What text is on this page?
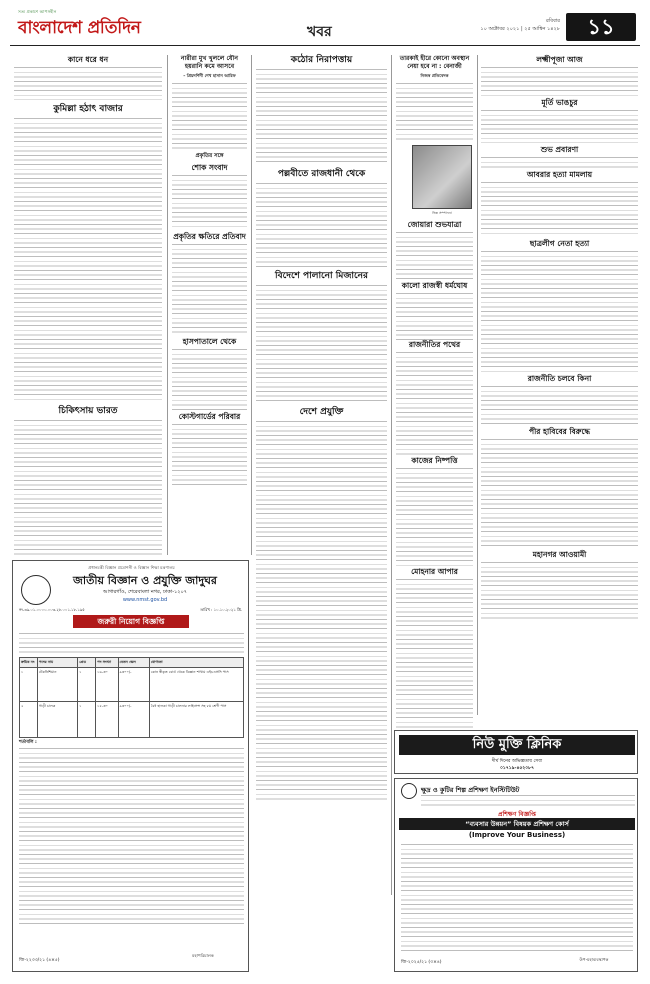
সত্য প্রকাশে আপসহীন
বাংলাদেশ প্রতিদিন	খবর
রবিবার
১০ অক্টোবর ২০২১ | ২৫ আশ্বিন ১৪২৮	১১
কানে ধরে ধন
কুমিল্লা হঠাৎ বাজার
চিকিৎসায় ভারত
নারীরা মুখ খুললে যৌন হয়রানি কমে আসবে
– প্রিয়দর্শিনী শেখ হাসান আরিফ
প্রকৃতির সঙ্গে
শোক সংবাদ
প্রকৃতির ক্ষতিরে প্রতিবাদ
হাসপাতালে থেকে
কোস্টগার্ডের পরিবার
কঠোর নিরাপত্তায়
পল্লবীতে রাজধানী থেকে
বিদেশে পালানো মিজানের
দেশে প্রযুক্তি
তারকাই হীরে কোনো অবস্থান নেয়া হবে না : বেনাজী
নিজস্ব প্রতিবেদক
ভিন্ন সম্পাদনা
জোয়ারা শুভযাত্রা
কালো রাজস্বী ধর্মঘোষ
রাজনীতির পথের
কাজের নিষ্পত্তি
মোহনার আপার
লক্ষ্মীপূজা আজ
মূর্তি ভাঙচুর
শুভ প্রবারণা
আবরার হত্যা মামলায়
ছাত্রলীগ নেতা হত্যা
রাজনীতি চলবে কিনা
পীর হাবিবের বিরুদ্ধে
মহানগর আওয়ামী
প্রধানমন্ত্রী বিজ্ঞান প্রমোশনী ও বিজ্ঞান শিক্ষা মন্ত্রণালয়
জাতীয় বিজ্ঞান ও প্রযুক্তি জাদুঘর
আগারগাঁও, শেরেবাংলা নগর, ঢাকা-১২০৭
www.nmst.gov.bd
নং-৩৯.০১.০০০০.০০৩.২৮.০০১.১৮-১৯৫	তারিখ : ১০.১০.২০২১ খ্রি.
জরুরী নিয়োগ বিজ্ঞপ্তি
ক্রমিক নং	পদের নাম	গ্রেড	পদ সংখ্যা	বেতন স্কেল	যোগ্যতা
১	টেকনিশিয়ান	১	১৬-৩০	৯৩০০/-	কোন স্বীকৃত বোর্ড থেকে বিজ্ঞান শাখায় এইচএসসি পাস
২	গাড়ী চালক	১	১৫-৩০	৯৩০০/-	বৈধ হালকা গাড়ী চালনার লাইসেন্স সহ ৮ম শ্রেণী পাস
শর্তাবলি :
জি-২২৩৩/২১ (৪×৫)
মহাপরিচালক
নিউ মুক্তি ক্লিনিক
দীর্ঘ দিনের অভিজ্ঞতায় সেবা
০১৭১৯-৪৫২০৮৭
ক্ষুদ্র ও কুটির শিল্প প্রশিক্ষণ ইনস্টিটিউট
প্রশিক্ষণ বিজ্ঞপ্তি
“ব্যবসার উন্নয়ন” বিষয়ক প্রশিক্ষণ কোর্স
(Improve Your Business)
জি-২০২৫/২১ (৩×৪)
উপ-মহাব্যবস্থাপক
